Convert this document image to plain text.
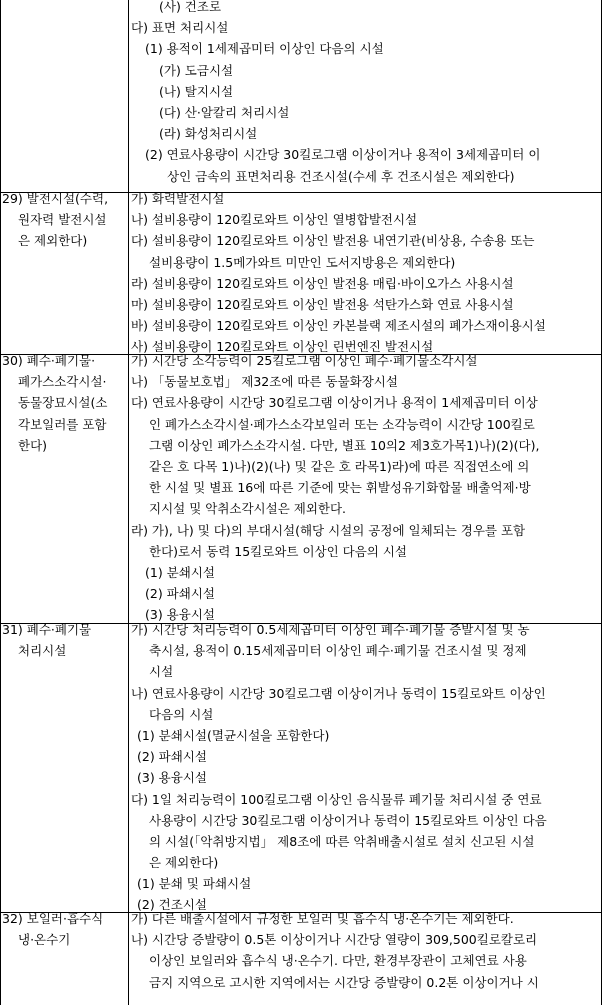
(사) 건조로
다) 표면 처리시설
(1) 용적이 1세제곱미터 이상인 다음의 시설
(가) 도금시설
(나) 탈지시설
(다) 산·알칼리 처리시설
(라) 화성처리시설
(2) 연료사용량이 시간당 30킬로그램 이상이거나 용적이 3세제곱미터 이
상인 금속의 표면처리용 건조시설(수세 후 건조시설은 제외한다)
29) 발전시설(수력,
원자력 발전시설
은 제외한다)
가) 화력발전시설
나) 설비용량이 120킬로와트 이상인 열병합발전시설
다) 설비용량이 120킬로와트 이상인 발전용 내연기관(비상용, 수송용 또는
설비용량이 1.5메가와트 미만인 도서지방용은 제외한다)
라) 설비용량이 120킬로와트 이상인 발전용 매립·바이오가스 사용시설
마) 설비용량이 120킬로와트 이상인 발전용 석탄가스화 연료 사용시설
바) 설비용량이 120킬로와트 이상인 카본블랙 제조시설의 폐가스재이용시설
사) 설비용량이 120킬로와트 이상인 린번엔진 발전시설
30) 폐수·폐기물·
폐가스소각시설·
동물장묘시설(소
각보일러를 포함
한다)
가) 시간당 소각능력이 25킬로그램 이상인 폐수·폐기물소각시설
나) 「동물보호법」 제32조에 따른 동물화장시설
다) 연료사용량이 시간당 30킬로그램 이상이거나 용적이 1세제곱미터 이상
인 폐가스소각시설·폐가스소각보일러 또는 소각능력이 시간당 100킬로
그램 이상인 폐가스소각시설. 다만, 별표 10의2 제3호가목1)나)(2)(다),
같은 호 다목 1)나)(2)(나) 및 같은 호 라목1)라)에 따른 직접연소에 의
한 시설 및 별표 16에 따른 기준에 맞는 휘발성유기화합물 배출억제·방
지시설 및 악취소각시설은 제외한다.
라) 가), 나) 및 다)의 부대시설(해당 시설의 공정에 일체되는 경우를 포함
한다)로서 동력 15킬로와트 이상인 다음의 시설
(1) 분쇄시설
(2) 파쇄시설
(3) 용융시설
31) 폐수·폐기물
처리시설
가) 시간당 처리능력이 0.5세제곱미터 이상인 폐수·폐기물 증발시설 및 농
축시설, 용적이 0.15세제곱미터 이상인 폐수·폐기물 건조시설 및 정제
시설
나) 연료사용량이 시간당 30킬로그램 이상이거나 동력이 15킬로와트 이상인
다음의 시설
(1) 분쇄시설(멸균시설을 포함한다)
(2) 파쇄시설
(3) 용융시설
다) 1일 처리능력이 100킬로그램 이상인 음식물류 폐기물 처리시설 중 연료
사용량이 시간당 30킬로그램 이상이거나 동력이 15킬로와트 이상인 다음
의 시설(「악취방지법」 제8조에 따른 악취배출시설로 설치 신고된 시설
은 제외한다)
(1) 분쇄 및 파쇄시설
(2) 건조시설
32) 보일러·흡수식
냉·온수기
가) 다른 배출시설에서 규정한 보일러 및 흡수식 냉·온수기는 제외한다.
나) 시간당 증발량이 0.5톤 이상이거나 시간당 열량이 309,500킬로칼로리
이상인 보일러와 흡수식 냉·온수기. 다만, 환경부장관이 고체연료 사용
금지 지역으로 고시한 지역에서는 시간당 증발량이 0.2톤 이상이거나 시
